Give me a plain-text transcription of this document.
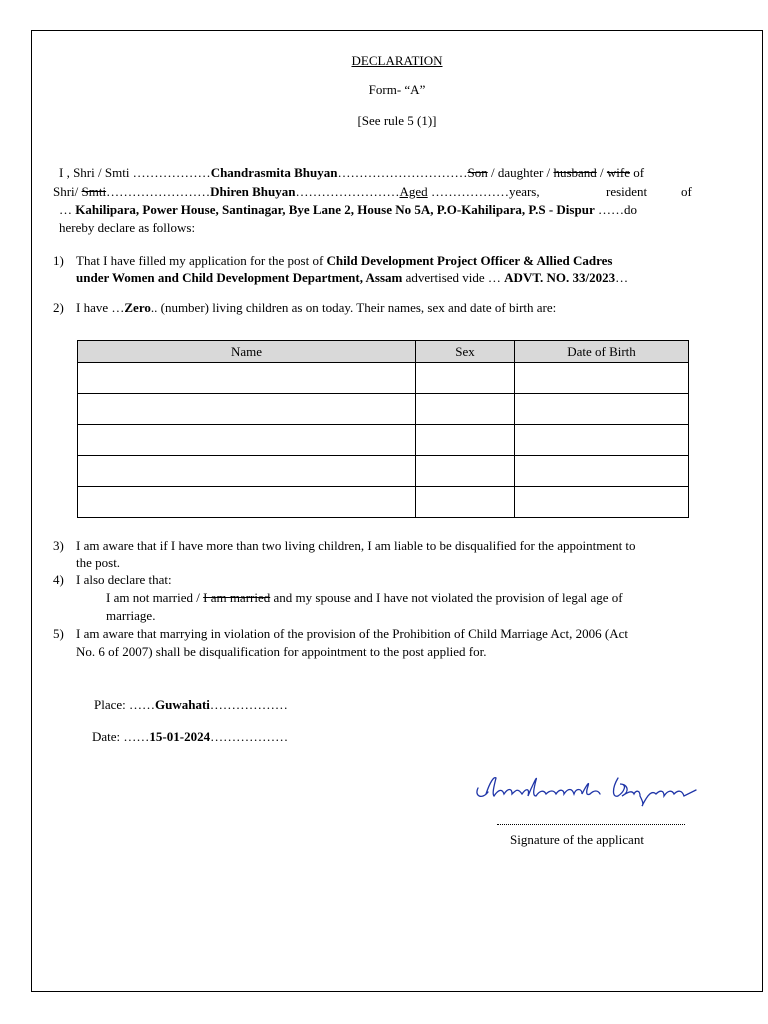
DECLARATION
Form- “A”
[See rule 5 (1)]
I , Shri / Smti ………………Chandrasmita Bhuyan…………………………Son / daughter / husband / wife of
Shri/ Smti……………………Dhiren Bhuyan……………………Aged ………………years,	resident	of
… Kahilipara, Power House, Santinagar, Bye Lane 2, House No 5A, P.O-Kahilipara, P.S - Dispur ……do
hereby declare as follows:
1) That I have filled my application for the post of Child Development Project Officer & Allied Cadres
under Women and Child Development Department, Assam advertised vide … ADVT. NO. 33/2023…
2) I have …Zero.. (number) living children as on today. Their names, sex and date of birth are:
Name	Sex	Date of Birth

3) I am aware that if I have more than two living children, I am liable to be disqualified for the appointment to
the post.
4) I also declare that:
I am not married / I am married and my spouse and I have not violated the provision of legal age of
marriage.
5) I am aware that marrying in violation of the provision of the Prohibition of Child Marriage Act, 2006 (Act
No. 6 of 2007) shall be disqualification for appointment to the post applied for.
Place: ……Guwahati………………
Date: ……15-01-2024………………
Signature of the applicant
